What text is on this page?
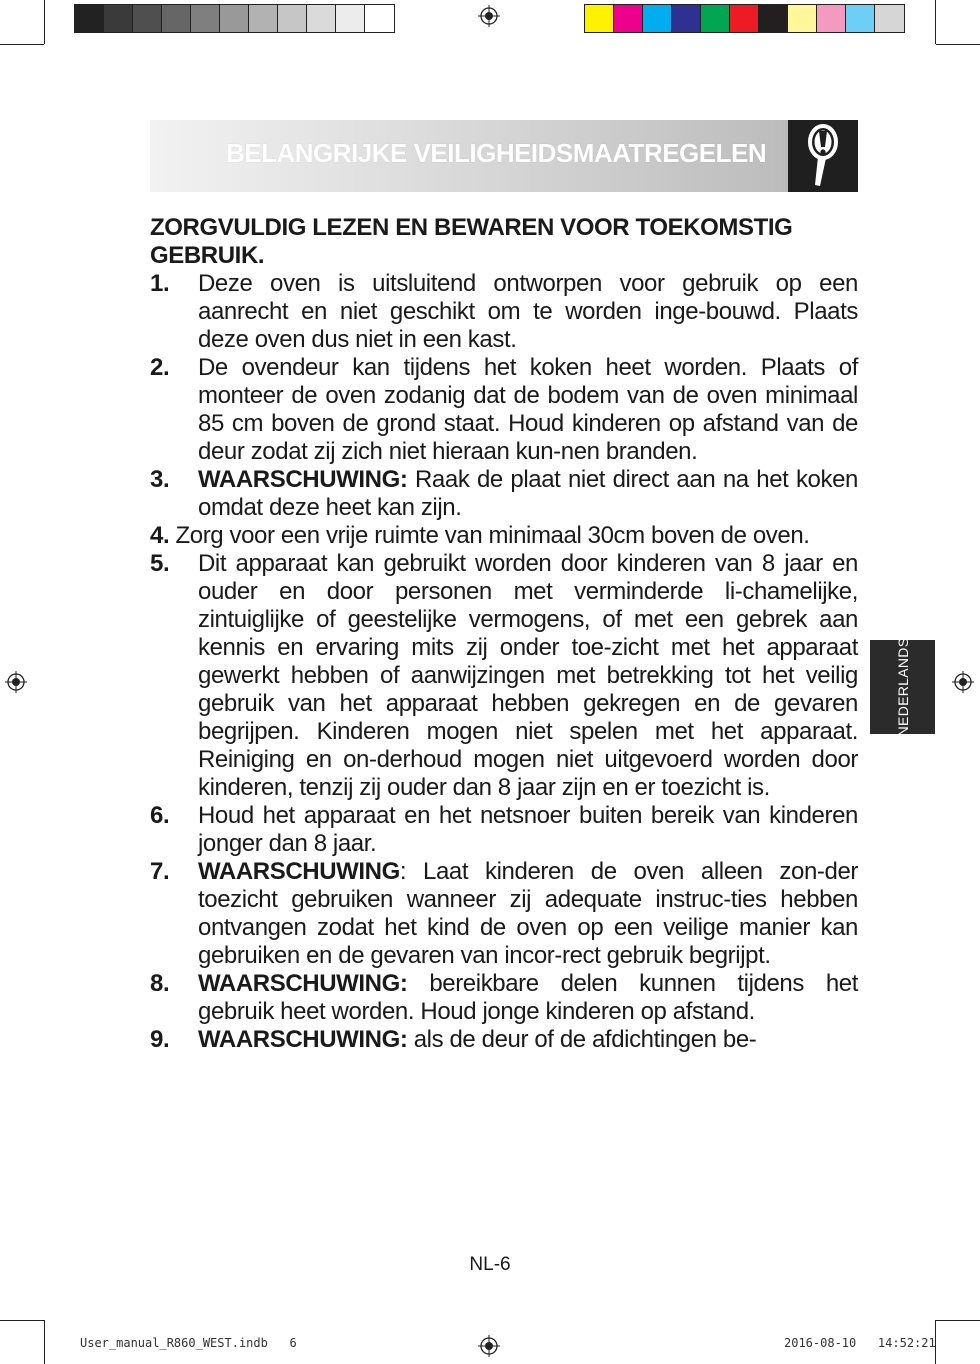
BELANGRIJKE VEILIGHEIDSMAATREGELEN
NEDERLANDS

ZORGVULDIG LEZEN EN BEWAREN VOOR TOEKOMSTIG GEBRUIK.

1. Deze oven is uitsluitend ontworpen voor gebruik op een aanrecht en niet geschikt om te worden inge-bouwd. Plaats deze oven dus niet in een kast.
2. De ovendeur kan tijdens het koken heet worden. Plaats of monteer de oven zodanig dat de bodem van de oven minimaal 85 cm boven de grond staat. Houd kinderen op afstand van de deur zodat zij zich niet hieraan kun-nen branden.
3. WAARSCHUWING: Raak de plaat niet direct aan na het koken omdat deze heet kan zijn.
4. Zorg voor een vrije ruimte van minimaal 30cm boven de oven.
5. Dit apparaat kan gebruikt worden door kinderen van 8 jaar en ouder en door personen met verminderde li-chamelijke, zintuiglijke of geestelijke vermogens, of met een gebrek aan kennis en ervaring mits zij onder toe-zicht met het apparaat gewerkt hebben of aanwijzingen met betrekking tot het veilig gebruik van het apparaat hebben gekregen en de gevaren begrijpen. Kinderen mogen niet spelen met het apparaat. Reiniging en on-derhoud mogen niet uitgevoerd worden door kinderen, tenzij zij ouder dan 8 jaar zijn en er toezicht is.
6. Houd het apparaat en het netsnoer buiten bereik van kinderen jonger dan 8 jaar.
7. WAARSCHUWING: Laat kinderen de oven alleen zon-der toezicht gebruiken wanneer zij adequate instruc-ties hebben ontvangen zodat het kind de oven op een veilige manier kan gebruiken en de gevaren van incor-rect gebruik begrijpt.
8. WAARSCHUWING: bereikbare delen kunnen tijdens het gebruik heet worden. Houd jonge kinderen op afstand.
9. WAARSCHUWING: als de deur of de afdichtingen be-
NL-6
User_manual_R860_WEST.indb   6	2016-08-10   14:52:21
